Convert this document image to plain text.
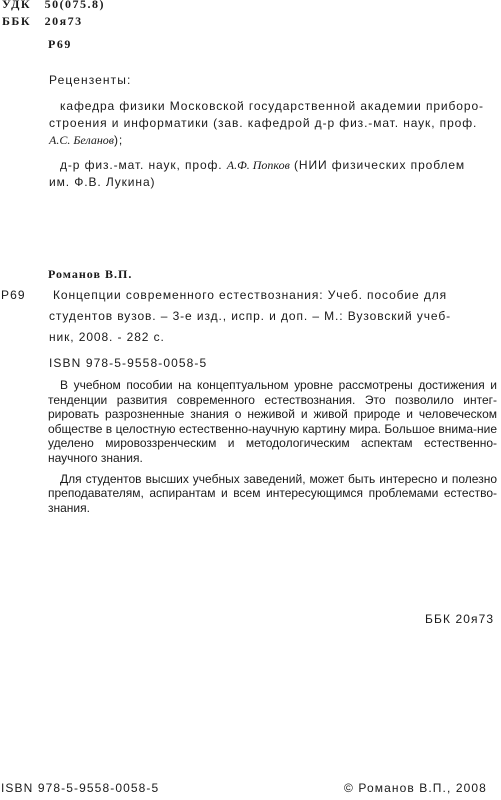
УДК 50(075.8)
ББК 20я73
Р69
Рецензенты:
кафедра физики Московской государственной академии приборо-
строения и информатики (зав. кафедрой д-р физ.-мат. наук, проф.
А.С. Беланов);
д-р физ.-мат. наук, проф. А.Ф. Попков (НИИ физических проблем
им. Ф.В. Лукина)
Романов В.П.
Р69 Концепции современного естествознания: Учеб. пособие для
студентов вузов. – 3-е изд., испр. и доп. – М.: Вузовский учеб-
ник, 2008. - 282 с.
ISBN 978-5-9558-0058-5

В учебном пособии на концептуальном уровне рассмотрены достижения и тенденции развития современного естествознания. Это позволило интег-рировать разрозненные знания о неживой и живой природе и человеческом обществе в целостную естественно-научную картину мира. Большое внима-ние уделено мировоззренческим и методологическим аспектам естественно-научного знания.

Для студентов высших учебных заведений, может быть интересно и полезно преподавателям, аспирантам и всем интересующимся проблемами естество-знания.

ББК 20я73
ISBN 978-5-9558-0058-5	© Романов В.П., 2008
